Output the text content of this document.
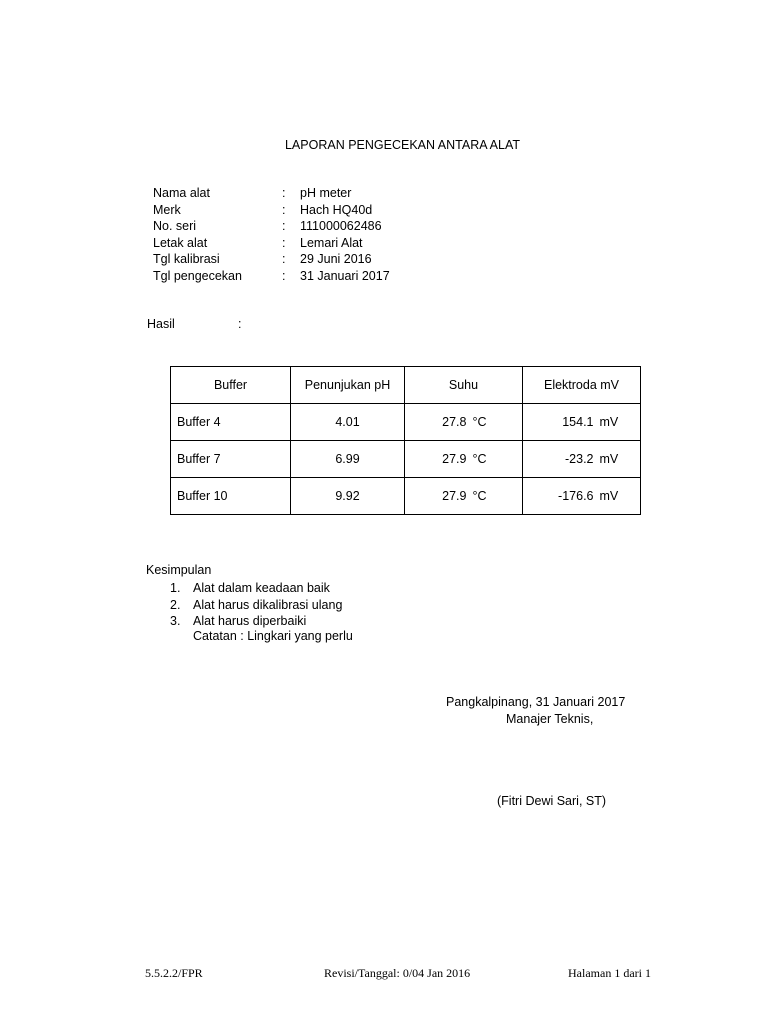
LAPORAN PENGECEKAN ANTARA ALAT
Nama alat	: pH meter
Merk	: Hach HQ40d
No. seri	: 111000062486
Letak alat	: Lemari Alat
Tgl kalibrasi	: 29 Juni 2016
Tgl pengecekan	: 31 Januari 2017
Hasil	:
Buffer	Penunjukan pH	Suhu	Elektroda mV
Buffer 4	4.01	27.8 °C	154.1 mV
Buffer 7	6.99	27.9 °C	-23.2 mV
Buffer 10	9.92	27.9 °C	-176.6 mV
Kesimpulan
1. Alat dalam keadaan baik
2. Alat harus dikalibrasi ulang
3. Alat harus diperbaiki
Catatan : Lingkari yang perlu
Pangkalpinang, 31 Januari 2017
Manajer Teknis,
(Fitri Dewi Sari, ST)
5.5.2.2/FPR	Revisi/Tanggal: 0/04 Jan 2016	Halaman 1 dari 1
